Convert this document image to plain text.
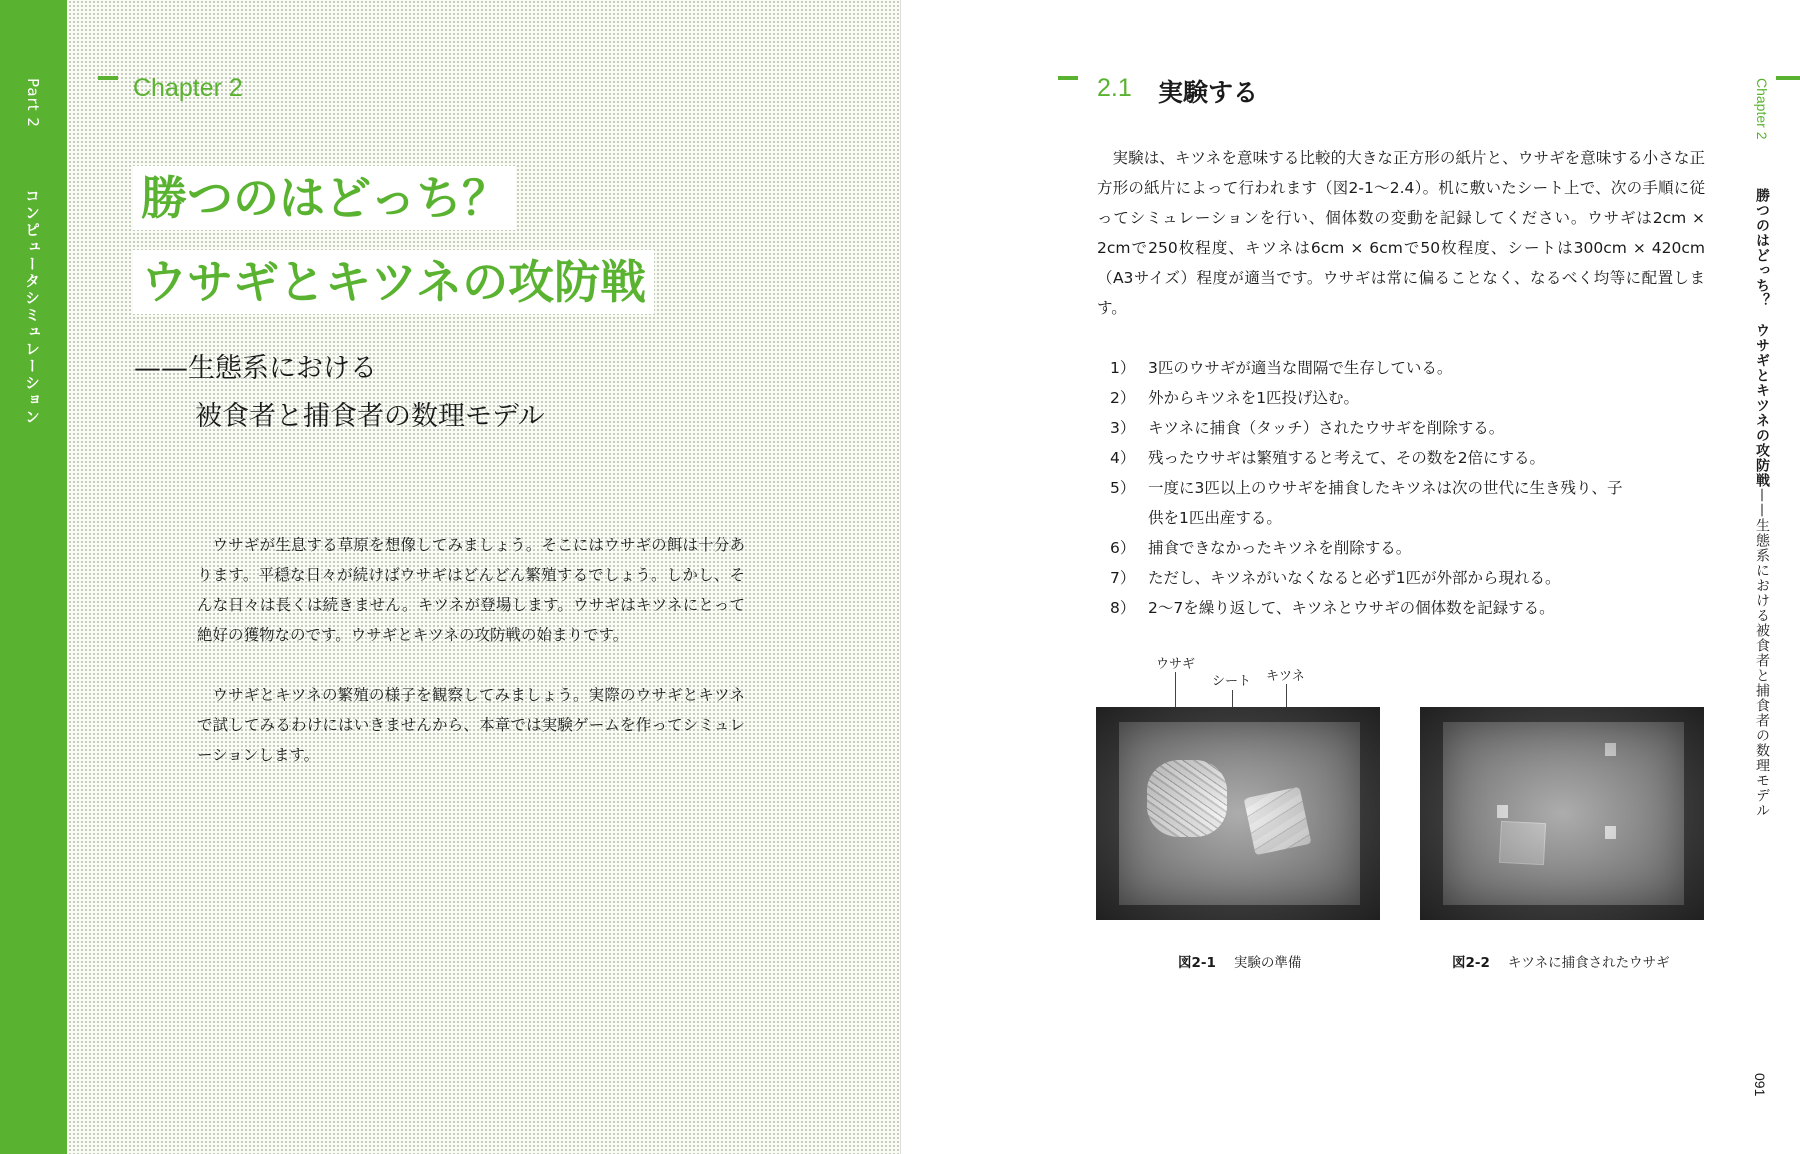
Part 2
コンピュータシミュレーション
Chapter 2
勝つのはどっち？
ウサギとキツネの攻防戦
——生態系における
被食者と捕食者の数理モデル

ウサギが生息する草原を想像してみましょう。そこにはウサギの餌は十分あります。平穏な日々が続けばウサギはどんどん繁殖するでしょう。しかし、そんな日々は長くは続きません。キツネが登場します。ウサギはキツネにとって絶好の獲物なのです。ウサギとキツネの攻防戦の始まりです。

ウサギとキツネの繁殖の様子を観察してみましょう。実際のウサギとキツネで試してみるわけにはいきませんから、本章では実験ゲームを作ってシミュレーションします。

2.1 実験する

実験は、キツネを意味する比較的大きな正方形の紙片と、ウサギを意味する小さな正方形の紙片によって行われます（図2-1～2.4）。机に敷いたシート上で、次の手順に従ってシミュレーションを行い、個体数の変動を記録してください。ウサギは2cm × 2cmで250枚程度、キツネは6cm × 6cmで50枚程度、シートは300cm × 420cm（A3サイズ）程度が適当です。ウサギは常に偏ることなく、なるべく均等に配置します。

1） 3匹のウサギが適当な間隔で生存している。
2） 外からキツネを1匹投げ込む。
3） キツネに捕食（タッチ）されたウサギを削除する。
4） 残ったウサギは繁殖すると考えて、その数を2倍にする。
5） 一度に3匹以上のウサギを捕食したキツネは次の世代に生き残り、子供を1匹出産する。
6） 捕食できなかったキツネを削除する。
7） ただし、キツネがいなくなると必ず1匹が外部から現れる。
8） 2～7を繰り返して、キツネとウサギの個体数を記録する。
ウサギ
シート キツネ
図2-1 実験の準備	図2-2 キツネに捕食されたウサギ
Chapter 2
勝つのはどっち？　ウサギとキツネの攻防戦——生態系における被食者と捕食者の数理モデル
091
